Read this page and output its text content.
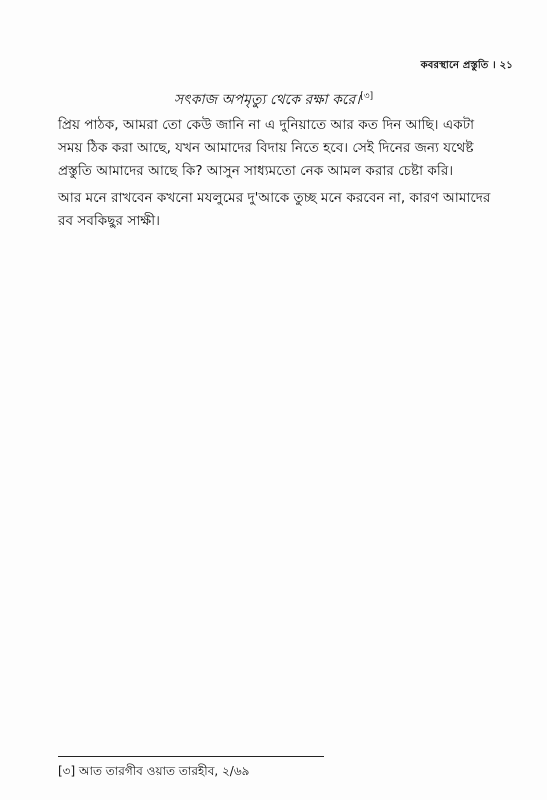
কবরস্থানে প্রস্তুতি । ২১
সৎকাজ অপমৃত্যু থেকে রক্ষা করে।[৩]

প্রিয় পাঠক, আমরা তো কেউ জানি না এ দুনিয়াতে আর কত দিন আছি। একটা সময় ঠিক করা আছে, যখন আমাদের বিদায় নিতে হবে। সেই দিনের জন্য যথেষ্ট প্রস্তুতি আমাদের আছে কি? আসুন সাধ্যমতো নেক আমল করার চেষ্টা করি।

আর মনে রাখবেন কখনো মযলুমের দু'আকে তুচ্ছ মনে করবেন না, কারণ আমাদের রব সবকিছুর সাক্ষী।

[৩] আত তারগীব ওয়াত তারহীব, ২/৬৯
